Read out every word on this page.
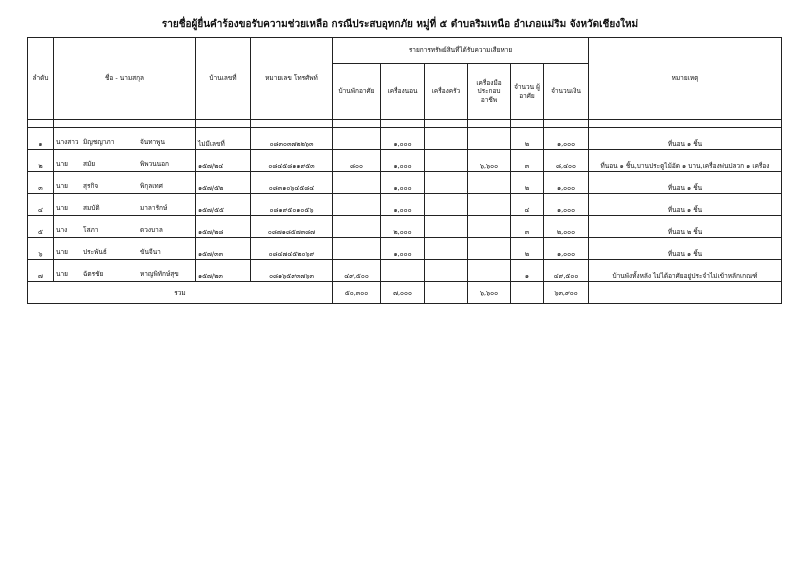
รายชื่อผู้ยื่นคำร้องขอรับความช่วยเหลือ กรณีประสบอุทกภัย หมู่ที่ ๕ ตำบลริมเหนือ อำเภอแม่ริม จังหวัดเชียงใหม่
ลำดับ	ชื่อ - นามสกุล	บ้านเลขที่	หมายเลข โทรศัพท์	รายการทรัพย์สินที่ได้รับความเสียหาย						หมายเหตุ
				บ้านพักอาศัย	เครื่องนอน	เครื่องครัว	เครื่องมือ ประกอบ อาชีพ	จำนวน ผู้อาศัย	จำนวนเงิน	

๑	นางสาว มิญชญาภา จันทาพูน	ไม่มีเลขที่	๐๘๓๐๓๗๒๒๖๓		๑,๐๐๐			๒	๑,๐๐๐	ที่นอน ๑ ชิ้น
๒	นาย สมัย พิพวนนอก	๑๕๗/๒๔	๐๘๔๕๘๑๑๙๕๓	๘๐๐	๑,๐๐๐		๖,๖๐๐	๓	๘,๔๐๐	ที่นอน ๑ ชิ้น,บานประตูไม้อัด ๑ บาน,เครื่องพ่นปลวก ๑ เครื่อง
๓	นาย สุรกิจ พิกุลเทศ	๑๕๗/๕๒	๐๘๓๑๐๖๔๕๘๔		๑,๐๐๐			๒	๑,๐๐๐	ที่นอน ๑ ชิ้น
๔	นาย สมบัติ มาลารักษ์	๑๕๗/๕๕	๐๘๑๙๕๐๑๐๕๖		๑,๐๐๐			๔	๑,๐๐๐	ที่นอน ๑ ชิ้น
๕	นาง โสภา ดวงบาล	๑๕๗/๒๘	๐๘๗๑๘๕๗๓๘๗		๒,๐๐๐			๓	๒,๐๐๐	ที่นอน ๒ ชิ้น
๖	นาย ประพันธ์ ขันจีนา	๑๕๗/๓๓	๐๘๔๗๔๕๒๐๖๙		๑,๐๐๐			๒	๑,๐๐๐	ที่นอน ๑ ชิ้น
๗	นาย ฉัตรชัย หาญพิทักษ์สุข	๑๕๗/๒๓	๐๘๑๖๕๙๓๗๖๓	๔๙,๕๐๐				๑	๔๙,๕๐๐	บ้านพังทั้งหลัง ไม่ได้อาศัยอยู่ประจำไม่เข้าหลักเกณฑ์
รวม				๕๐,๓๐๐	๗,๐๐๐		๖,๖๐๐		๖๓,๙๐๐	
